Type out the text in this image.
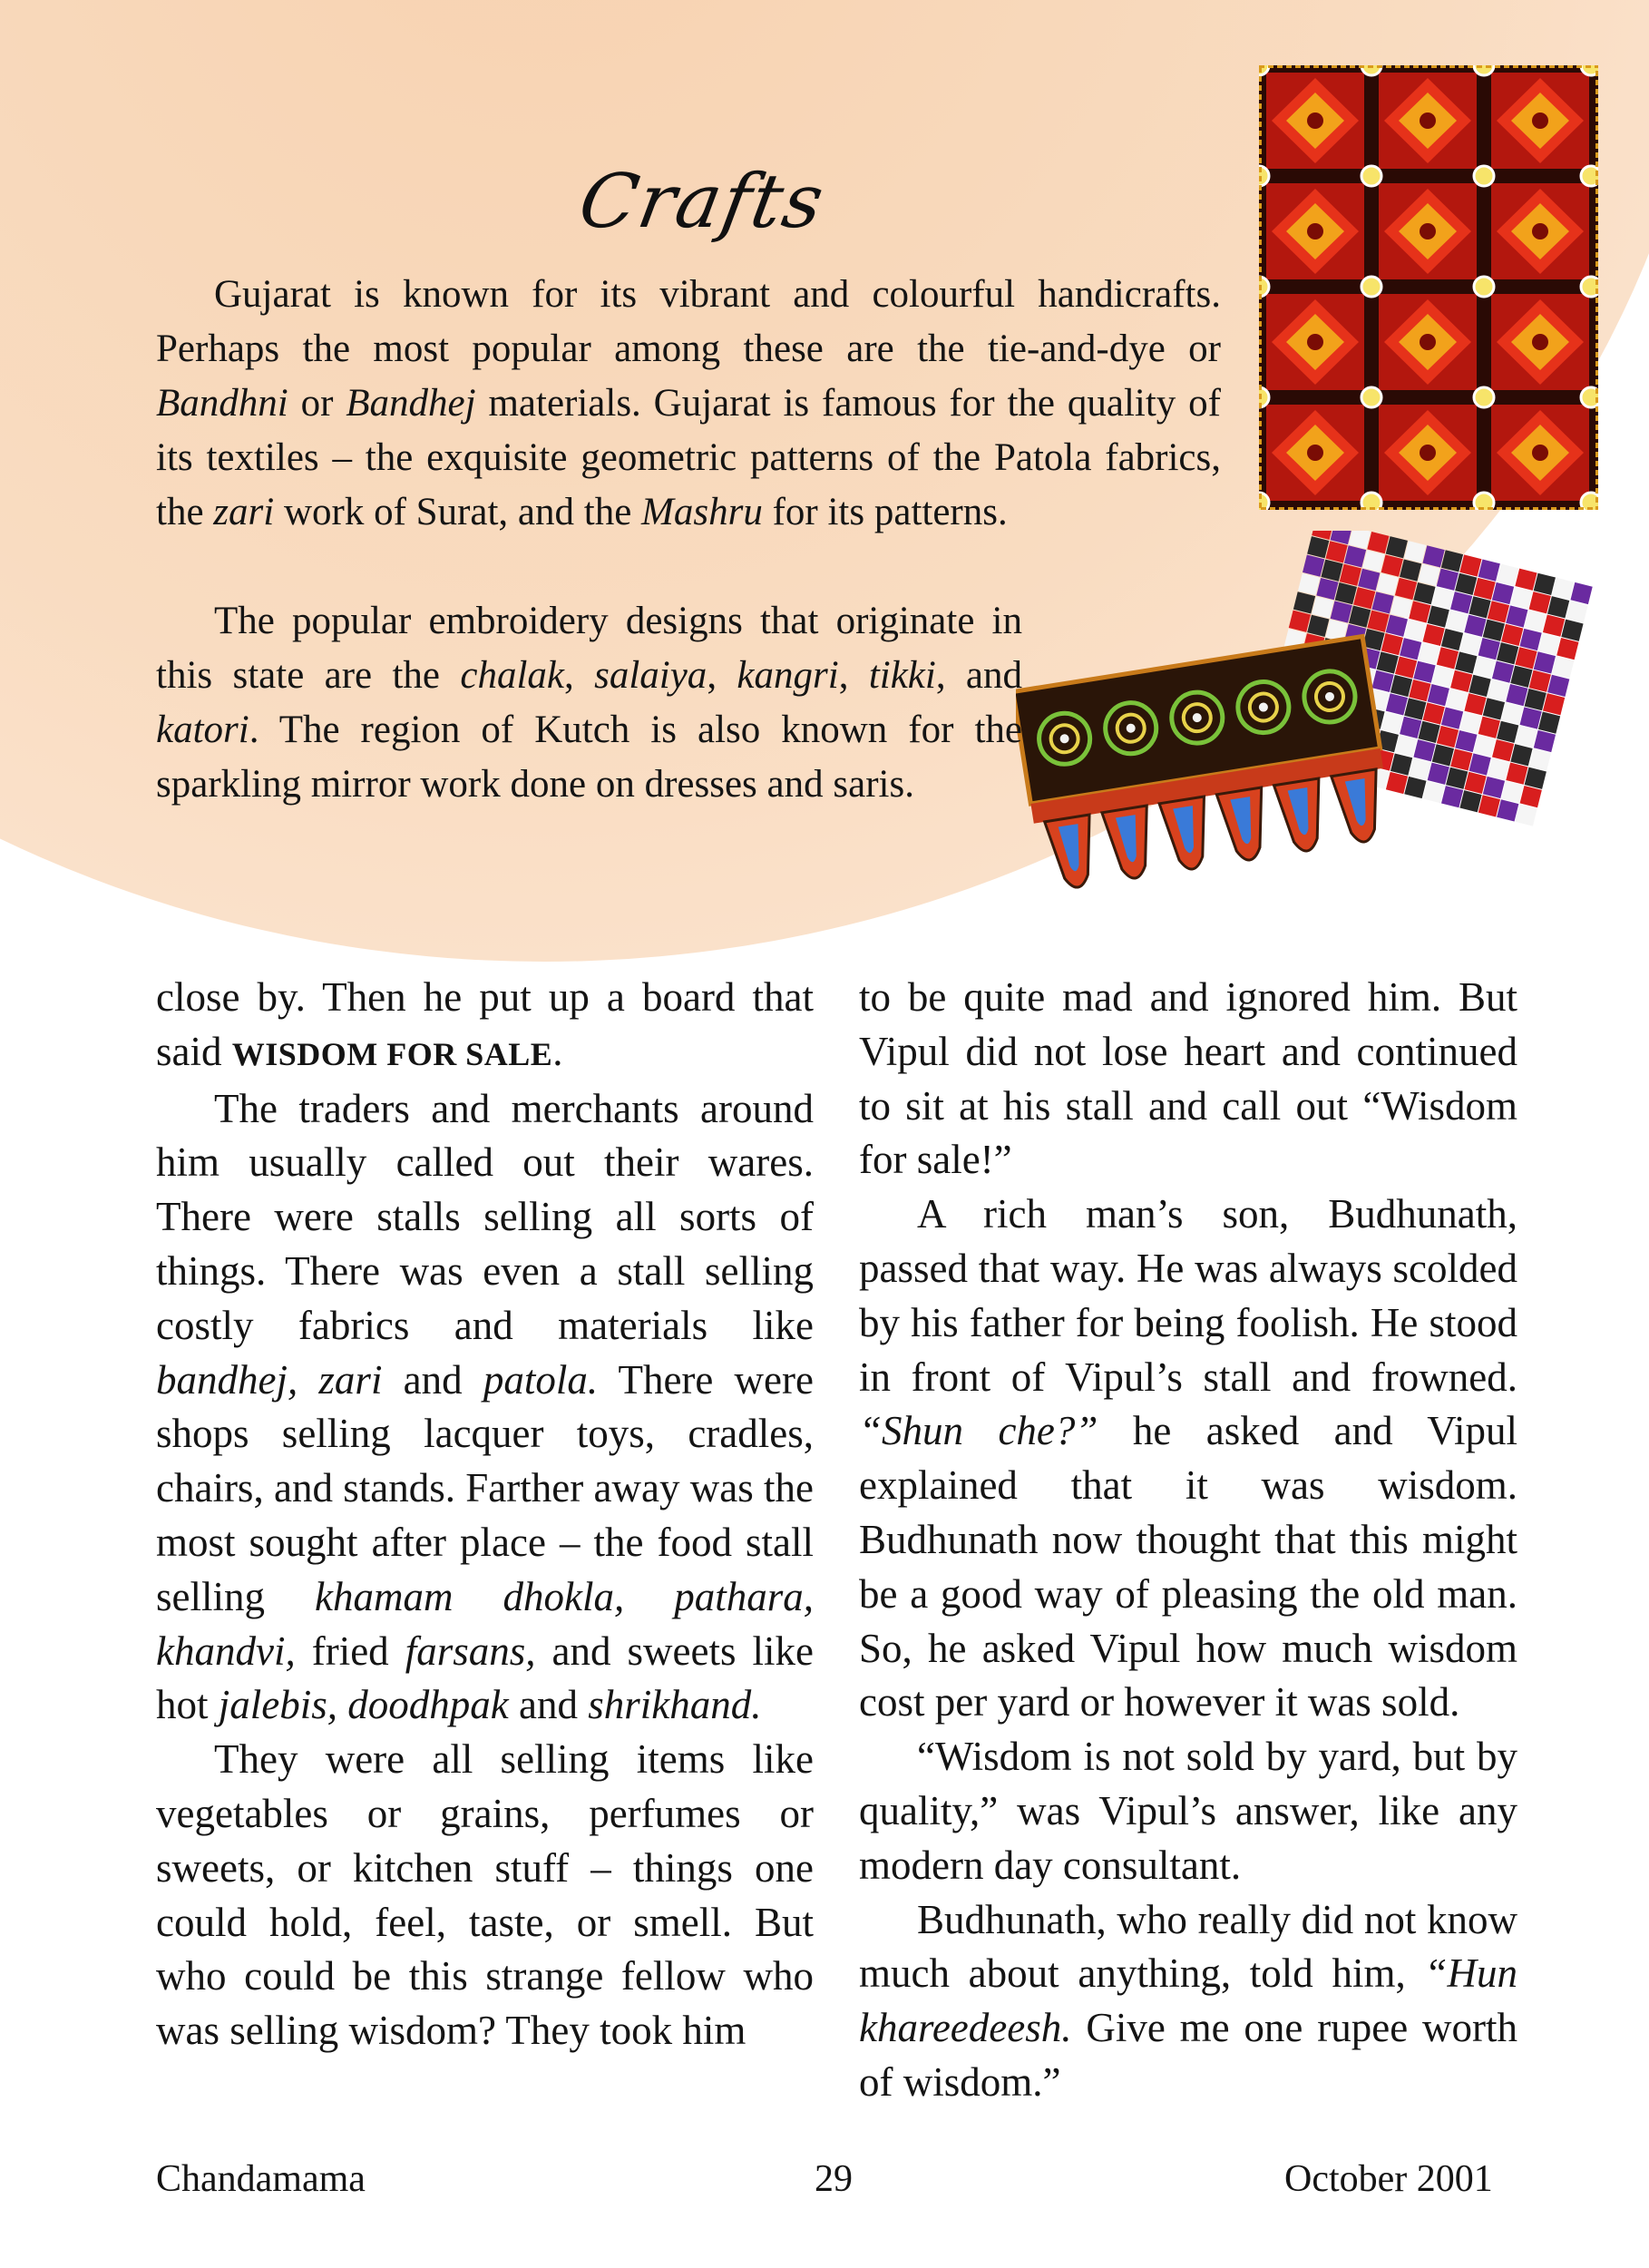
Crafts

Gujarat is known for its vibrant and colourful handicrafts. Perhaps the most popular among these are the tie-and-dye or Bandhni or Bandhej materials. Gujarat is famous for the quality of its textiles – the exquisite geometric patterns of the Patola fabrics, the zari work of Surat, and the Mashru for its patterns.

The popular embroidery designs that originate in this state are the chalak, salaiya, kangri, tikki, and katori. The region of Kutch is also known for the sparkling mirror work done on dresses and saris.

close by. Then he put up a board that said WISDOM FOR SALE.

The traders and merchants around him usually called out their wares. There were stalls selling all sorts of things. There was even a stall selling costly fabrics and materials like bandhej, zari and patola. There were shops selling lacquer toys, cradles, chairs, and stands. Farther away was the most sought after place – the food stall selling khamam dhokla, pathara, khandvi, fried farsans, and sweets like hot jalebis, doodhpak and shrikhand.

They were all selling items like vegetables or grains, perfumes or sweets, or kitchen stuff – things one could hold, feel, taste, or smell. But who could be this strange fellow who was selling wisdom? They took him

to be quite mad and ignored him. But Vipul did not lose heart and continued to sit at his stall and call out “Wisdom for sale!”

A rich man’s son, Budhunath, passed that way. He was always scolded by his father for being foolish. He stood in front of Vipul’s stall and frowned. “Shun che?” he asked and Vipul explained that it was wisdom. Budhunath now thought that this might be a good way of pleasing the old man. So, he asked Vipul how much wisdom cost per yard or however it was sold.

“Wisdom is not sold by yard, but by quality,” was Vipul’s answer, like any modern day consultant.

Budhunath, who really did not know much about anything, told him, “Hun khareedeesh. Give me one rupee worth of wisdom.”

Chandamama	29	October 2001
